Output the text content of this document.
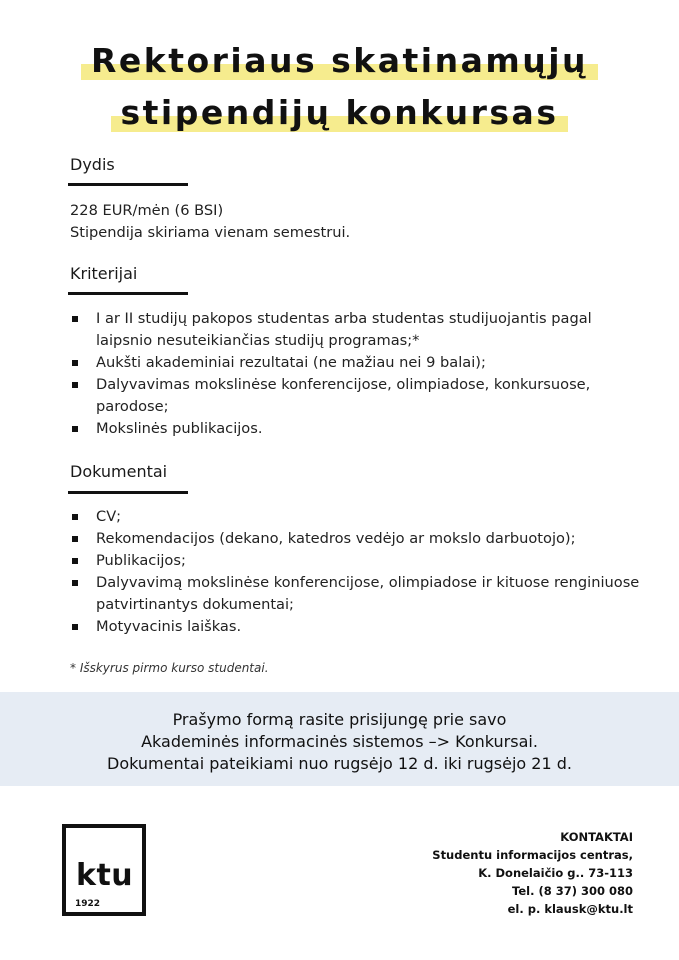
Rektoriaus skatinamųjų
stipendijų konkursas
Dydis
228 EUR/mėn (6 BSI)
Stipendija skiriama vienam semestrui.
Kriterijai
I ar II studijų pakopos studentas arba studentas studijuojantis pagal
laipsnio nesuteikiančias studijų programas;*
Aukšti akademiniai rezultatai (ne mažiau nei 9 balai);
Dalyvavimas mokslinėse konferencijose, olimpiadose, konkursuose,
parodose;
Mokslinės publikacijos.
Dokumentai
CV;
Rekomendacijos (dekano, katedros vedėjo ar mokslo darbuotojo);
Publikacijos;
Dalyvavimą mokslinėse konferencijose, olimpiadose ir kituose renginiuose
patvirtinantys dokumentai;
Motyvacinis laiškas.
* Išskyrus pirmo kurso studentai.
Prašymo formą rasite prisijungę prie savo
Akademinės informacinės sistemos –> Konkursai.
Dokumentai pateikiami nuo rugsėjo 12 d. iki rugsėjo 21 d.
ktu
1922
KONTAKTAI
Studentu informacijos centras,
K. Donelaičio g.. 73-113
Tel. (8 37) 300 080
el. p. klausk@ktu.lt
